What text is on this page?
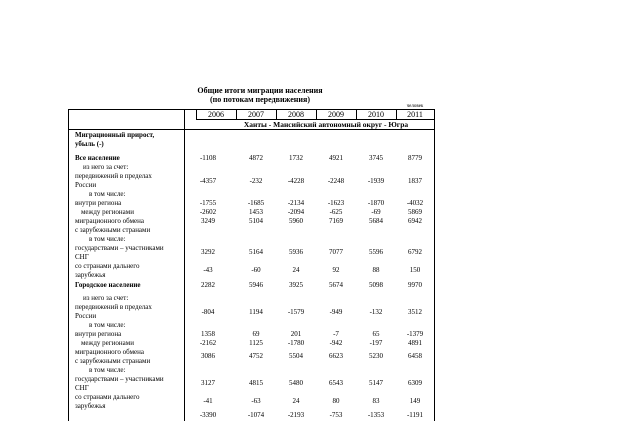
Общие итоги миграции населения
(по потокам передвижения)
человек
2006	2007	2008	2009	2010	2011
Ханты - Мансийский автономный округ - Югра
Миграционный прирост,
убыль (-)
Все население	-1108	4872	1732	4921	3745	8779
из него за счет:
передвижений в пределах
России	-4357	-232	-4228	-2248	-1939	1837
в том числе:
внутри региона	-1755	-1685	-2134	-1623	-1870	-4032
между регионами	-2602	1453	-2094	-625	-69	5869
миграционного обмена
с зарубежными странами
3249	5104	5960	7169	5684	6942
в том числе:
государствами – участниками
СНГ
3292	5164	5936	7077	5596	6792
со странами дальнего
зарубежья
-43	-60	24	92	88	150
Городское население	2282	5946	3925	5674	5098	9970
из него за счет:
передвижений в пределах
России	-804	1194	-1579	-949	-132	3512
в том числе:
внутри региона	1358	69	201	-7	65	-1379
между регионами	-2162	1125	-1780	-942	-197	4891
миграционного обмена
с зарубежными странами
3086	4752	5504	6623	5230	6458
в том числе:
государствами – участниками
СНГ
3127	4815	5480	6543	5147	6309
со странами дальнего
зарубежья
-41	-63	24	80	83	149
-3390	-1074	-2193	-753	-1353	-1191
